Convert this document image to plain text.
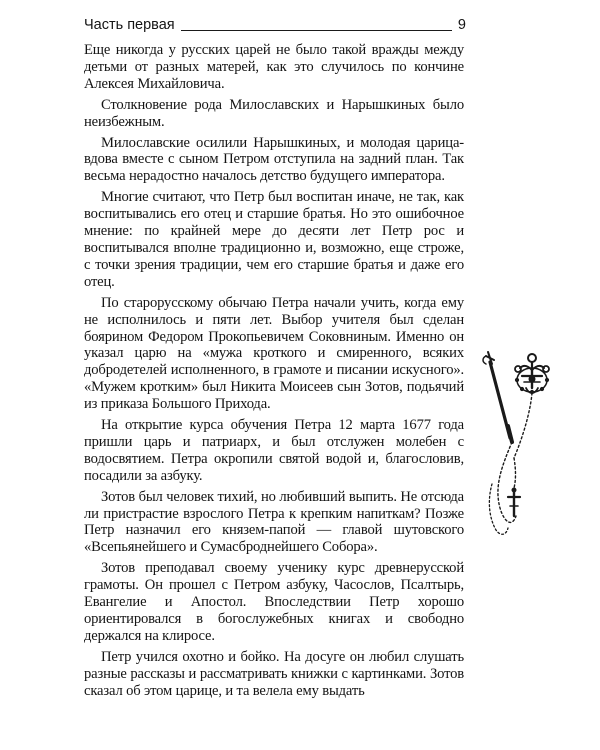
Часть первая	9

Еще никогда у русских царей не было такой вражды между детьми от разных матерей, как это случилось по кончине Алексея Михайловича.

Столкновение рода Милославских и Нарышкиных было неизбежным.

Милославские осилили Нарышкиных, и молодая царица-вдова вместе с сыном Петром отступила на задний план. Так весьма нерадостно началось детство будущего императора.

Многие считают, что Петр был воспитан иначе, не так, как воспитывались его отец и старшие братья. Но это ошибочное мнение: по крайней мере до десяти лет Петр рос и воспитывался вполне традиционно и, возможно, еще строже, с точки зрения традиции, чем его старшие братья и даже его отец.

По старорусскому обычаю Петра начали учить, когда ему не исполнилось и пяти лет. Выбор учителя был сделан боярином Федором Прокопьевичем Соковниным. Именно он указал царю на «мужа кроткого и смиренного, всяких добродетелей исполненного, в грамоте и писании искусного». «Мужем кротким» был Никита Моисеев сын Зотов, подьячий из приказа Большого Прихода.

На открытие курса обучения Петра 12 марта 1677 года пришли царь и патриарх, и был отслужен молебен с водосвятием. Петра окропили святой водой и, благословив, посадили за азбуку.

Зотов был человек тихий, но любивший выпить. Не отсюда ли пристрастие взрослого Петра к крепким напиткам? Позже Петр назначил его князем-папой — главой шутовского «Всепьянейшего и Сумасброднейшего Собора».

Зотов преподавал своему ученику курс древнерусской грамоты. Он прошел с Петром азбуку, Часослов, Псалтырь, Евангелие и Апостол. Впоследствии Петр хорошо ориентировался в богослужебных книгах и свободно держался на клиросе.

Петр учился охотно и бойко. На досуге он любил слушать разные рассказы и рассматривать книжки с картинками. Зотов сказал об этом царице, и та велела ему выдать
